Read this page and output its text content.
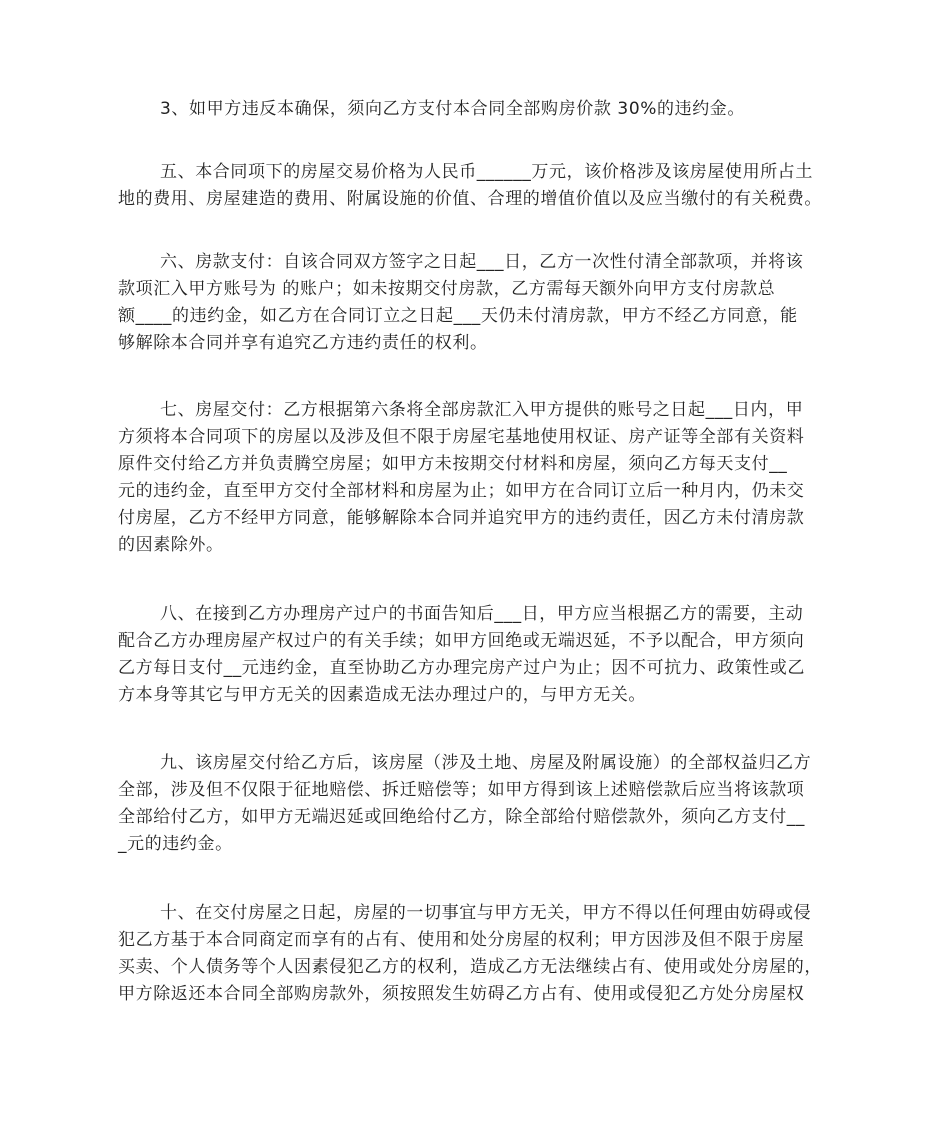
3、如甲方违反本确保，须向乙方支付本合同全部购房价款 30%的违约金。
五、本合同项下的房屋交易价格为人民币______万元，该价格涉及该房屋使用所占土
地的费用、房屋建造的费用、附属设施的价值、合理的增值价值以及应当缴付的有关税费。
六、房款支付：自该合同双方签字之日起___日，乙方一次性付清全部款项，并将该
款项汇入甲方账号为 的账户；如未按期交付房款，乙方需每天额外向甲方支付房款总
额____的违约金，如乙方在合同订立之日起___天仍未付清房款，甲方不经乙方同意，能
够解除本合同并享有追究乙方违约责任的权利。
七、房屋交付：乙方根据第六条将全部房款汇入甲方提供的账号之日起___日内，甲
方须将本合同项下的房屋以及涉及但不限于房屋宅基地使用权证、房产证等全部有关资料
原件交付给乙方并负责腾空房屋；如甲方未按期交付材料和房屋，须向乙方每天支付__
元的违约金，直至甲方交付全部材料和房屋为止；如甲方在合同订立后一种月内，仍未交
付房屋，乙方不经甲方同意，能够解除本合同并追究甲方的违约责任，因乙方未付清房款
的因素除外。
八、在接到乙方办理房产过户的书面告知后___日，甲方应当根据乙方的需要，主动
配合乙方办理房屋产权过户的有关手续；如甲方回绝或无端迟延，不予以配合，甲方须向
乙方每日支付__元违约金，直至协助乙方办理完房产过户为止；因不可抗力、政策性或乙
方本身等其它与甲方无关的因素造成无法办理过户的，与甲方无关。
九、该房屋交付给乙方后，该房屋（涉及土地、房屋及附属设施）的全部权益归乙方
全部，涉及但不仅限于征地赔偿、拆迁赔偿等；如甲方得到该上述赔偿款后应当将该款项
全部给付乙方，如甲方无端迟延或回绝给付乙方，除全部给付赔偿款外，须向乙方支付__
_元的违约金。
十、在交付房屋之日起，房屋的一切事宜与甲方无关，甲方不得以任何理由妨碍或侵
犯乙方基于本合同商定而享有的占有、使用和处分房屋的权利；甲方因涉及但不限于房屋
买卖、个人债务等个人因素侵犯乙方的权利，造成乙方无法继续占有、使用或处分房屋的，
甲方除返还本合同全部购房款外，须按照发生妨碍乙方占有、使用或侵犯乙方处分房屋权
